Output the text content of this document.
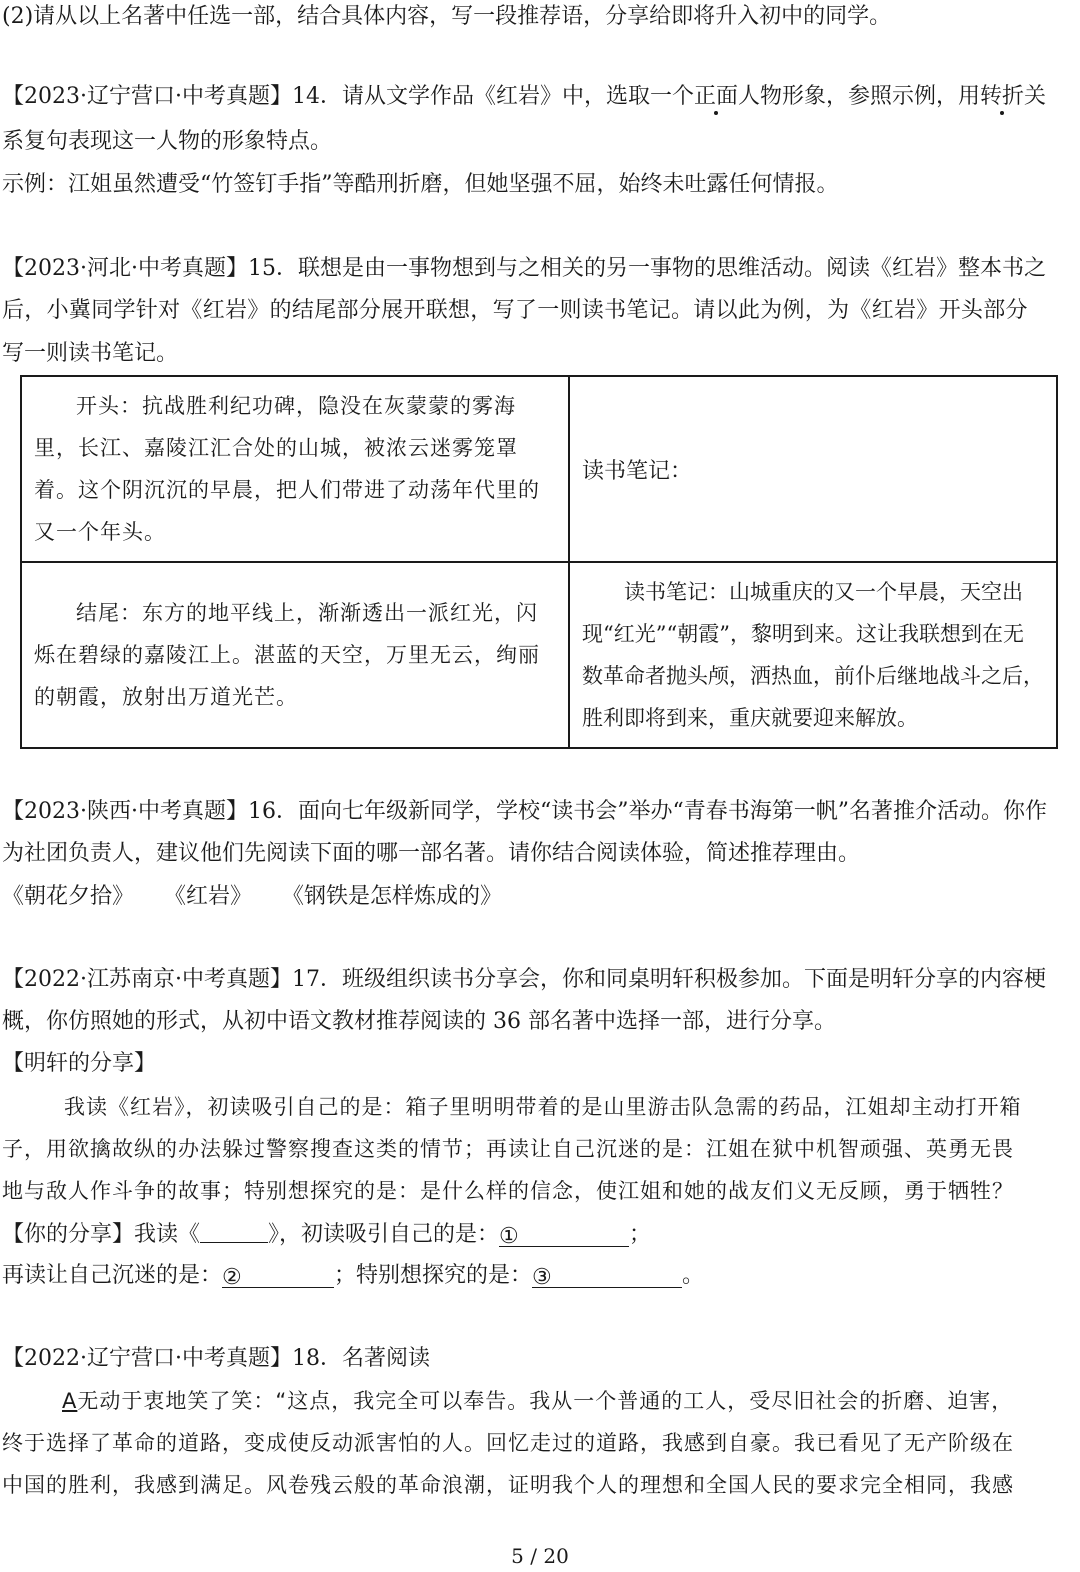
(2)请从以上名著中任选一部，结合具体内容，写一段推荐语，分享给即将升入初中的同学。
【2023·辽宁营口·中考真题】14．请从文学作品《红岩》中，选取一个正面人物形象，参照示例，用转折关
系复句表现这一人物的形象特点。
示例：江姐虽然遭受“竹签钉手指”等酷刑折磨，但她坚强不屈，始终未吐露任何情报。
【2023·河北·中考真题】15．联想是由一事物想到与之相关的另一事物的思维活动。阅读《红岩》整本书之
后，小冀同学针对《红岩》的结尾部分展开联想，写了一则读书笔记。请以此为例，为《红岩》开头部分
写一则读书笔记。
开头：抗战胜利纪功碑，隐没在灰蒙蒙的雾海里，长江、嘉陵江汇合处的山城，被浓云迷雾笼罩着。这个阴沉沉的早晨，把人们带进了动荡年代里的又一个年头。	读书笔记：
结尾：东方的地平线上，渐渐透出一派红光，闪烁在碧绿的嘉陵江上。湛蓝的天空，万里无云，绚丽的朝霞，放射出万道光芒。	读书笔记：山城重庆的又一个早晨，天空出现“红光”“朝霞”，黎明到来。这让我联想到在无数革命者抛头颅，洒热血，前仆后继地战斗之后，胜利即将到来，重庆就要迎来解放。
【2023·陕西·中考真题】16．面向七年级新同学，学校“读书会”举办“青春书海第一帆”名著推介活动。你作
为社团负责人，建议他们先阅读下面的哪一部名著。请你结合阅读体验，简述推荐理由。
《朝花夕拾》 《红岩》 《钢铁是怎样炼成的》
【2022·江苏南京·中考真题】17．班级组织读书分享会，你和同桌明轩积极参加。下面是明轩分享的内容梗
概，你仿照她的形式，从初中语文教材推荐阅读的 36 部名著中选择一部，进行分享。
【明轩的分享】
我读《红岩》，初读吸引自己的是：箱子里明明带着的是山里游击队急需的药品，江姐却主动打开箱
子，用欲擒故纵的办法躲过警察搜查这类的情节；再读让自己沉迷的是：江姐在狱中机智顽强、英勇无畏
地与敌人作斗争的故事；特别想探究的是：是什么样的信念，使江姐和她的战友们义无反顾，勇于牺牲？
【你的分享】我读《	》，初读吸引自己的是：①	；
再读让自己沉迷的是：②	；特别想探究的是：③	。
【2022·辽宁营口·中考真题】18．名著阅读
A无动于衷地笑了笑：“这点，我完全可以奉告。我从一个普通的工人，受尽旧社会的折磨、迫害，
终于选择了革命的道路，变成使反动派害怕的人。回忆走过的道路，我感到自豪。我已看见了无产阶级在
中国的胜利，我感到满足。风卷残云般的革命浪潮，证明我个人的理想和全国人民的要求完全相同，我感
5 / 20
